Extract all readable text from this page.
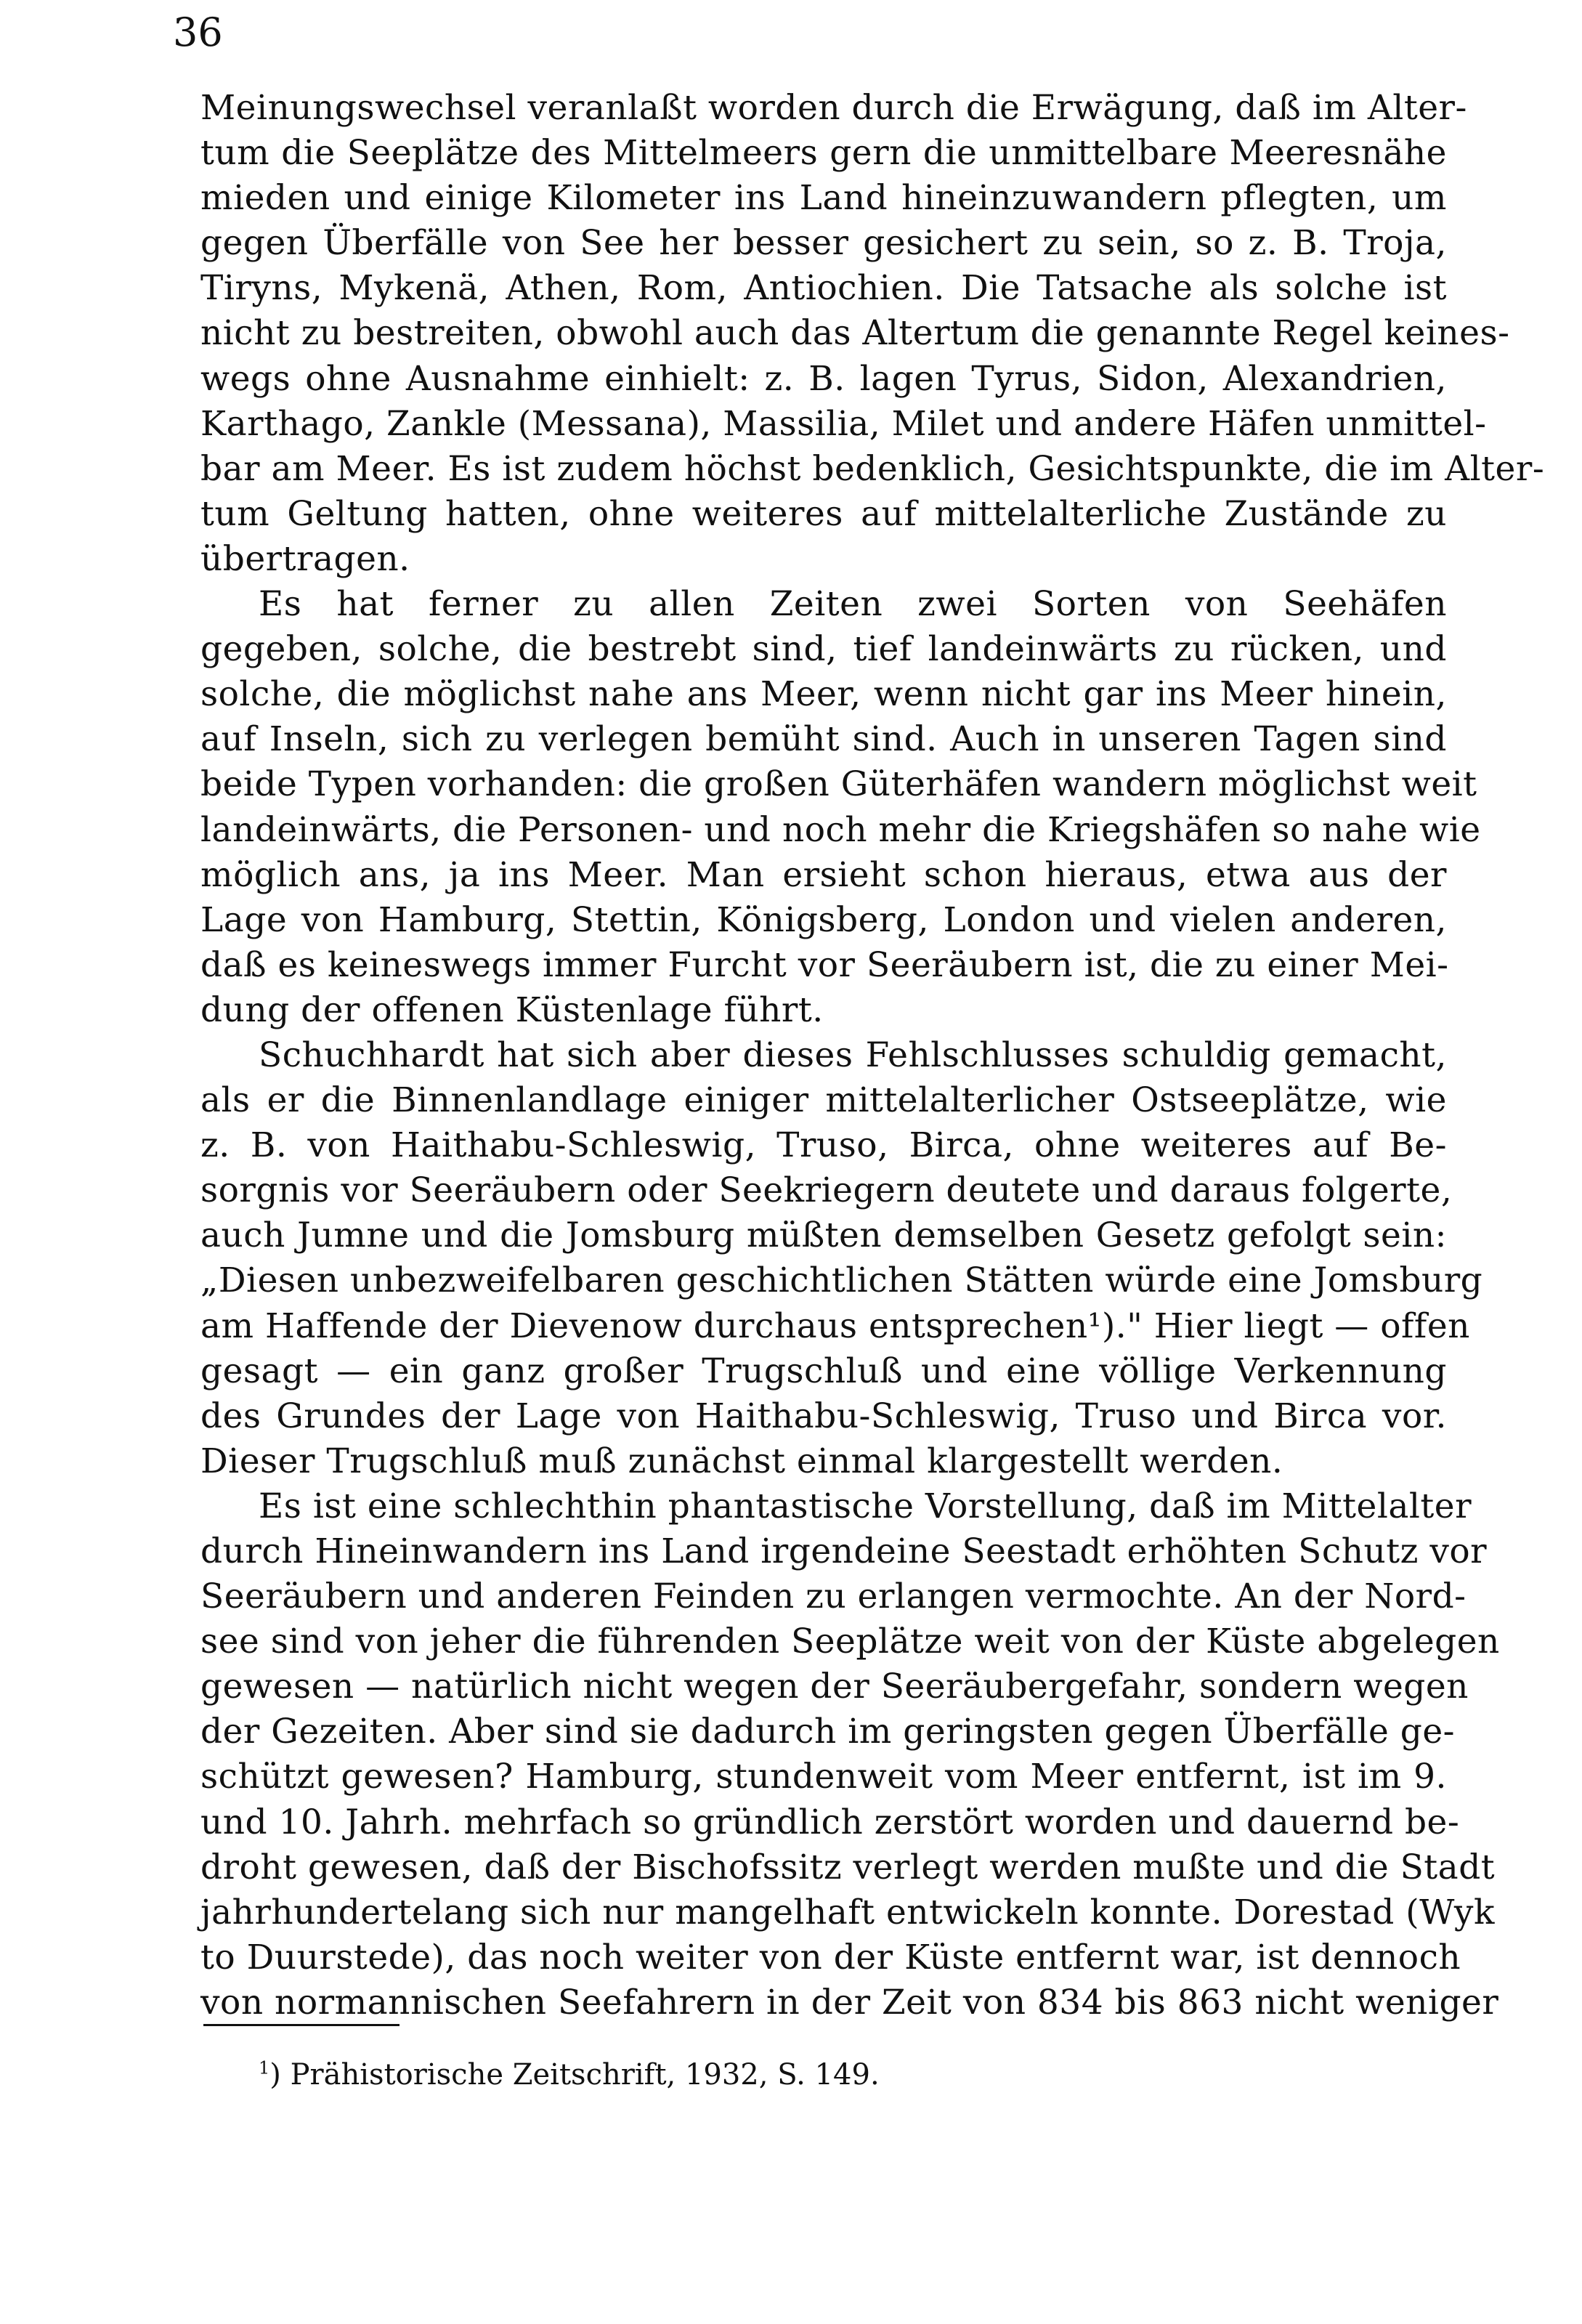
36
Meinungswechsel veranlaßt worden durch die Erwägung, daß im Alter-
tum die Seeplätze des Mittelmeers gern die unmittelbare Meeresnähe
mieden und einige Kilometer ins Land hineinzuwandern pflegten, um
gegen Überfälle von See her besser gesichert zu sein, so z. B. Troja,
Tiryns, Mykenä, Athen, Rom, Antiochien. Die Tatsache als solche ist
nicht zu bestreiten, obwohl auch das Altertum die genannte Regel keines-
wegs ohne Ausnahme einhielt: z. B. lagen Tyrus, Sidon, Alexandrien,
Karthago, Zankle (Messana), Massilia, Milet und andere Häfen unmittel-
bar am Meer. Es ist zudem höchst bedenklich, Gesichtspunkte, die im Alter-
tum Geltung hatten, ohne weiteres auf mittelalterliche Zustände zu
übertragen.
Es hat ferner zu allen Zeiten zwei Sorten von Seehäfen
gegeben, solche, die bestrebt sind, tief landeinwärts zu rücken, und
solche, die möglichst nahe ans Meer, wenn nicht gar ins Meer hinein,
auf Inseln, sich zu verlegen bemüht sind. Auch in unseren Tagen sind
beide Typen vorhanden: die großen Güterhäfen wandern möglichst weit
landeinwärts, die Personen- und noch mehr die Kriegshäfen so nahe wie
möglich ans, ja ins Meer. Man ersieht schon hieraus, etwa aus der
Lage von Hamburg, Stettin, Königsberg, London und vielen anderen,
daß es keineswegs immer Furcht vor Seeräubern ist, die zu einer Mei-
dung der offenen Küstenlage führt.
Schuchhardt hat sich aber dieses Fehlschlusses schuldig gemacht,
als er die Binnenlandlage einiger mittelalterlicher Ostseeplätze, wie
z. B. von Haithabu-Schleswig, Truso, Birca, ohne weiteres auf Be-
sorgnis vor Seeräubern oder Seekriegern deutete und daraus folgerte,
auch Jumne und die Jomsburg müßten demselben Gesetz gefolgt sein:
„Diesen unbezweifelbaren geschichtlichen Stätten würde eine Jomsburg
am Haffende der Dievenow durchaus entsprechen¹)." Hier liegt — offen
gesagt — ein ganz großer Trugschluß und eine völlige Verkennung
des Grundes der Lage von Haithabu-Schleswig, Truso und Birca vor.
Dieser Trugschluß muß zunächst einmal klargestellt werden.
Es ist eine schlechthin phantastische Vorstellung, daß im Mittelalter
durch Hineinwandern ins Land irgendeine Seestadt erhöhten Schutz vor
Seeräubern und anderen Feinden zu erlangen vermochte. An der Nord-
see sind von jeher die führenden Seeplätze weit von der Küste abgelegen
gewesen — natürlich nicht wegen der Seeräubergefahr, sondern wegen
der Gezeiten. Aber sind sie dadurch im geringsten gegen Überfälle ge-
schützt gewesen? Hamburg, stundenweit vom Meer entfernt, ist im 9.
und 10. Jahrh. mehrfach so gründlich zerstört worden und dauernd be-
droht gewesen, daß der Bischofssitz verlegt werden mußte und die Stadt
jahrhundertelang sich nur mangelhaft entwickeln konnte. Dorestad (Wyk
to Duurstede), das noch weiter von der Küste entfernt war, ist dennoch
von normannischen Seefahrern in der Zeit von 834 bis 863 nicht weniger
$^1$) Prähistorische Zeitschrift, 1932, S. 149.
